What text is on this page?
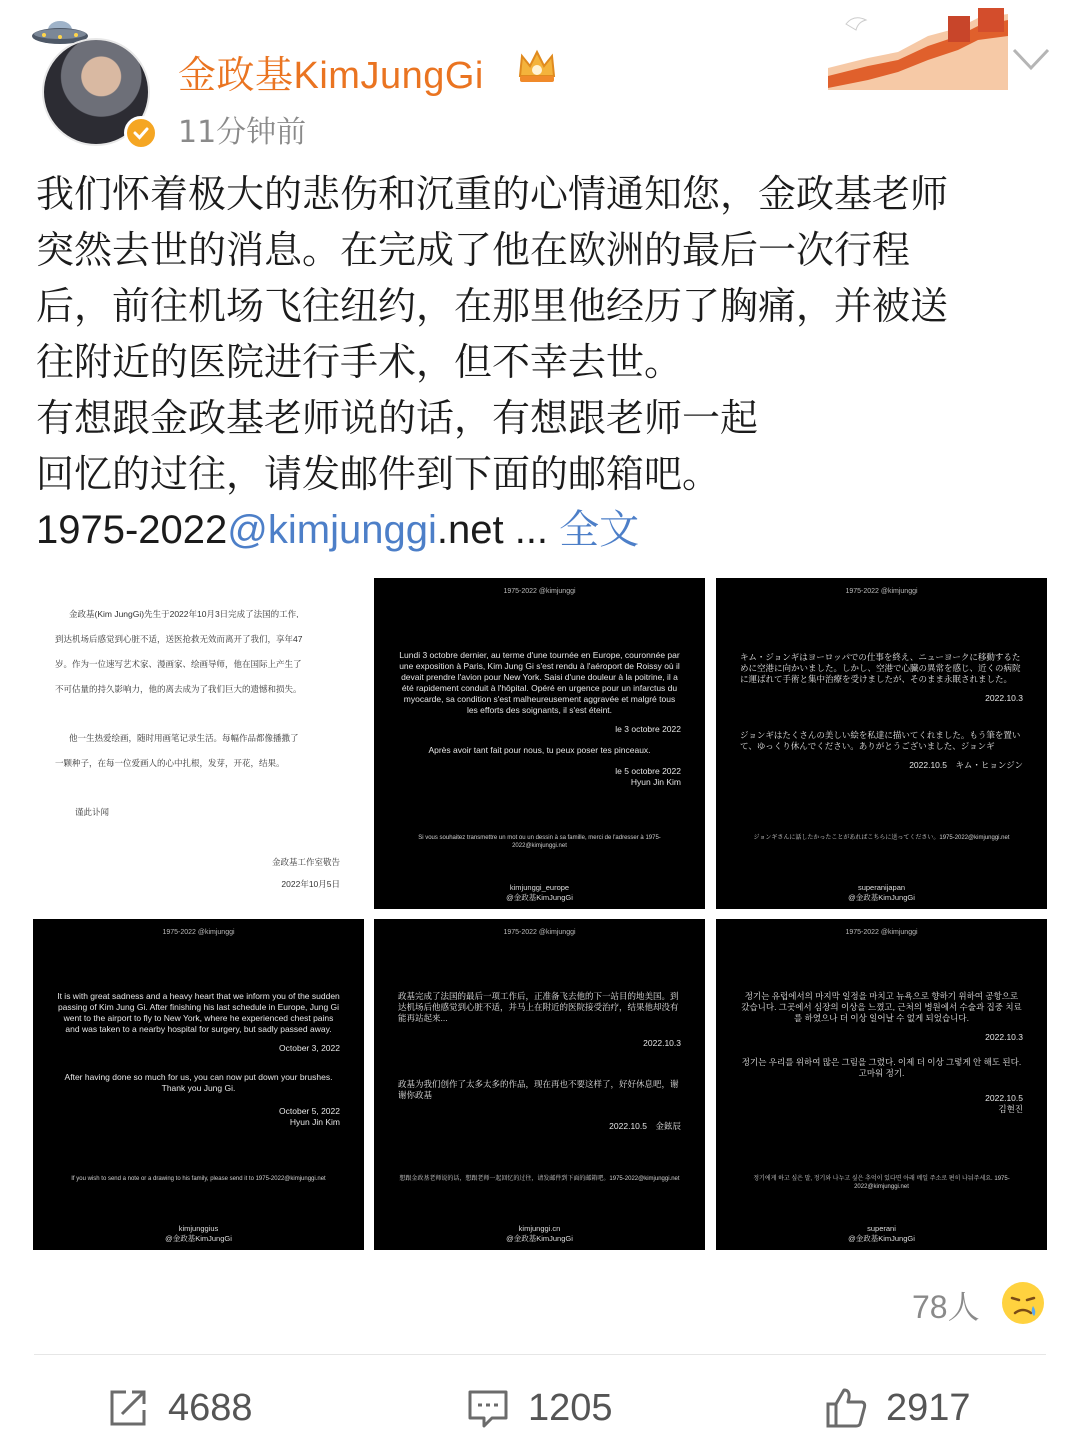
金政基KimJungGi
11分钟前

我们怀着极大的悲伤和沉重的心情通知您，金政基老师

突然去世的消息。在完成了他在欧洲的最后一次行程

后，前往机场飞往纽约，在那里他经历了胸痛，并被送

往附近的医院进行手术，但不幸去世。

有想跟金政基老师说的话，有想跟老师一起

回忆的过往，请发邮件到下面的邮箱吧。

1975-2022@kimjunggi.net ... 全文

金政基(Kim JungGi)先生于2022年10月3日完成了法国的工作,
到达机场后感觉到心脏不适，送医抢救无效而离开了我们，享年47
岁。作为一位速写艺术家、漫画家、绘画导师，他在国际上产生了
不可估量的持久影响力，他的离去成为了我们巨大的遗憾和损失。
他一生热爱绘画，随时用画笔记录生活。每幅作品都像播撒了
一颗种子，在每一位爱画人的心中扎根，发芽，开花，结果。
谨此讣闻
金政基工作室敬告
2022年10月5日
1975-2022 @kimjunggi
Lundi 3 octobre dernier, au terme d'une tournée en Europe, couronnée par une exposition à Paris, Kim Jung Gi s'est rendu à l'aéroport de Roissy où il devait prendre l'avion pour New York. Saisi d'une douleur à la poitrine, il a été rapidement conduit à l'hôpital. Opéré en urgence pour un infarctus du myocarde, sa condition s'est malheureusement aggravée et malgré tous les efforts des soignants, il s'est éteint.
le 3 octobre 2022
Après avoir tant fait pour nous, tu peux poser tes pinceaux.
le 5 octobre 2022
Hyun Jin Kim
Si vous souhaitez transmettre un mot ou un dessin à sa famille, merci de l'adresser à 1975-2022@kimjunggi.net
kimjunggi_europe
@金政基KimJungGi
1975-2022 @kimjunggi
キム・ジョンギはヨーロッパでの仕事を終え、ニューヨークに移動するために空港に向かいました。しかし、空港で心臓の異常を感じ、近くの病院に運ばれて手術と集中治療を受けましたが、そのまま永眠されました。
2022.10.3
ジョンギはたくさんの美しい絵を私達に描いてくれました。もう筆を置いて、ゆっくり休んでください。ありがとうございました、ジョンギ
2022.10.5　キム・ヒョンジン
ジョンギさんに話したかったことがあればこちらに送ってください。1975-2022@kimjunggi.net
superanijapan
@金政基KimJungGi
1975-2022 @kimjunggi
It is with great sadness and a heavy heart that we inform you of the sudden passing of Kim Jung Gi. After finishing his last schedule in Europe, Jung Gi went to the airport to fly to New York, where he experienced chest pains and was taken to a nearby hospital for surgery, but sadly passed away.
October 3, 2022
After having done so much for us, you can now put down your brushes. Thank you Jung Gi.
October 5, 2022
Hyun Jin Kim
If you wish to send a note or a drawing to his family, please send it to 1975-2022@kimjunggi.net
kimjunggius
@金政基KimJungGi
1975-2022 @kimjunggi
政基完成了法国的最后一项工作后，正准备飞去他的下一站目的地美国。到达机场后他感觉到心脏不适，并马上在附近的医院接受治疗，结果他却没有能再站起来...
2022.10.3
政基为我们创作了太多太多的作品，现在再也不要这样了，好好休息吧，谢谢你政基
2022.10.5　金鉉辰
想跟金政基老师说的话，想跟老师一起回忆的过往，请发邮件到下面的邮箱吧。1975-2022@kimjunggi.net
kimjunggi.cn
@金政基KimJungGi
1975-2022 @kimjunggi
정기는 유럽에서의 마지막 일정을 마치고 뉴욕으로 향하기 위하여 공항으로 갔습니다. 그곳에서 심장의 이상을 느꼈고, 근처의 병원에서 수술과 집중 치료를 하였으나 더 이상 일어날 수 없게 되었습니다.
2022.10.3
정기는 우리를 위하여 많은 그림을 그렸다. 이제 더 이상 그렇게 안 해도 된다. 고마워 정기.
2022.10.5
김현진
정기에게 하고 싶은 말, 정기와 나누고 싶은 추억이 있다면 아래 메일 주소로 편히 나눠주세요. 1975-2022@kimjunggi.net
superani
@金政基KimJungGi
78人
4688	1205	2917
